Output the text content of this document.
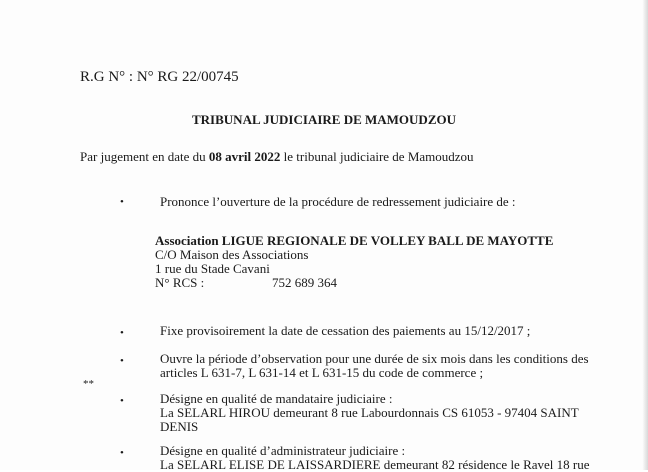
R.G N° : N° RG 22/00745
TRIBUNAL JUDICIAIRE DE MAMOUDZOU
Par jugement en date du 08 avril 2022 le tribunal judiciaire de Mamoudzou
•	Prononce l’ouverture de la procédure de redressement judiciaire de :
Association LIGUE REGIONALE DE VOLLEY BALL DE MAYOTTE
C/O Maison des Associations
1 rue du Stade Cavani
N° RCS :	752 689 364
•	Fixe provisoirement la date de cessation des paiements au 15/12/2017 ;
•	Ouvre la période d’observation pour une durée de six mois dans les conditions des
articles L 631-7, L 631-14 et L 631-15 du code de commerce ;
**
•	Désigne en qualité de mandataire judiciaire :
La SELARL HIROU demeurant 8 rue Labourdonnais CS 61053 - 97404 SAINT
DENIS
•	Désigne en qualité d’administrateur judiciaire :
La SELARL ELISE DE LAISSARDIERE demeurant 82 résidence le Ravel 18 rue
